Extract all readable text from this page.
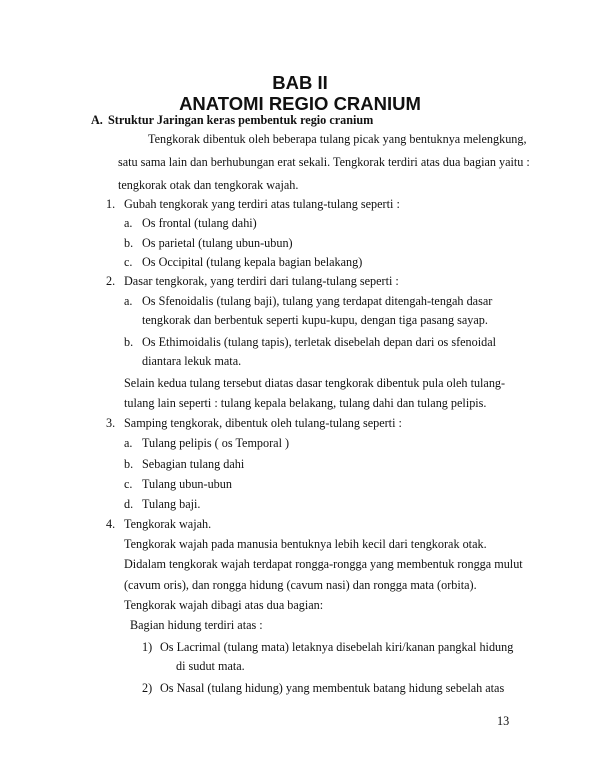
BAB II
ANATOMI REGIO CRANIUM
A. Struktur Jaringan keras pembentuk regio cranium
Tengkorak dibentuk oleh beberapa tulang picak yang bentuknya melengkung,
satu sama lain dan berhubungan erat sekali. Tengkorak terdiri atas dua bagian yaitu :
tengkorak otak dan tengkorak wajah.
1. Gubah tengkorak yang terdiri atas tulang-tulang seperti :
a. Os frontal (tulang dahi)
b. Os parietal (tulang ubun-ubun)
c. Os Occipital (tulang kepala bagian belakang)
2. Dasar tengkorak, yang terdiri dari tulang-tulang seperti :
a. Os Sfenoidalis (tulang baji), tulang yang terdapat ditengah-tengah dasar
tengkorak dan berbentuk seperti kupu-kupu, dengan tiga pasang sayap.
b. Os Ethimoidalis (tulang tapis), terletak disebelah depan dari os sfenoidal
diantara lekuk mata.
Selain kedua tulang tersebut diatas dasar tengkorak dibentuk pula oleh tulang-
tulang lain seperti : tulang kepala belakang, tulang dahi dan tulang pelipis.
3. Samping tengkorak, dibentuk oleh tulang-tulang seperti :
a. Tulang pelipis ( os Temporal )
b. Sebagian tulang dahi
c. Tulang ubun-ubun
d. Tulang baji.
4. Tengkorak wajah.
Tengkorak wajah pada manusia bentuknya lebih kecil dari tengkorak otak.
Didalam tengkorak wajah terdapat rongga-rongga yang membentuk rongga mulut
(cavum oris), dan rongga hidung (cavum nasi) dan rongga mata (orbita).
Tengkorak wajah dibagi atas dua bagian:
Bagian hidung terdiri atas :
1) Os Lacrimal (tulang mata) letaknya disebelah kiri/kanan pangkal hidung
di sudut mata.
2) Os Nasal (tulang hidung) yang membentuk batang hidung sebelah atas
13
